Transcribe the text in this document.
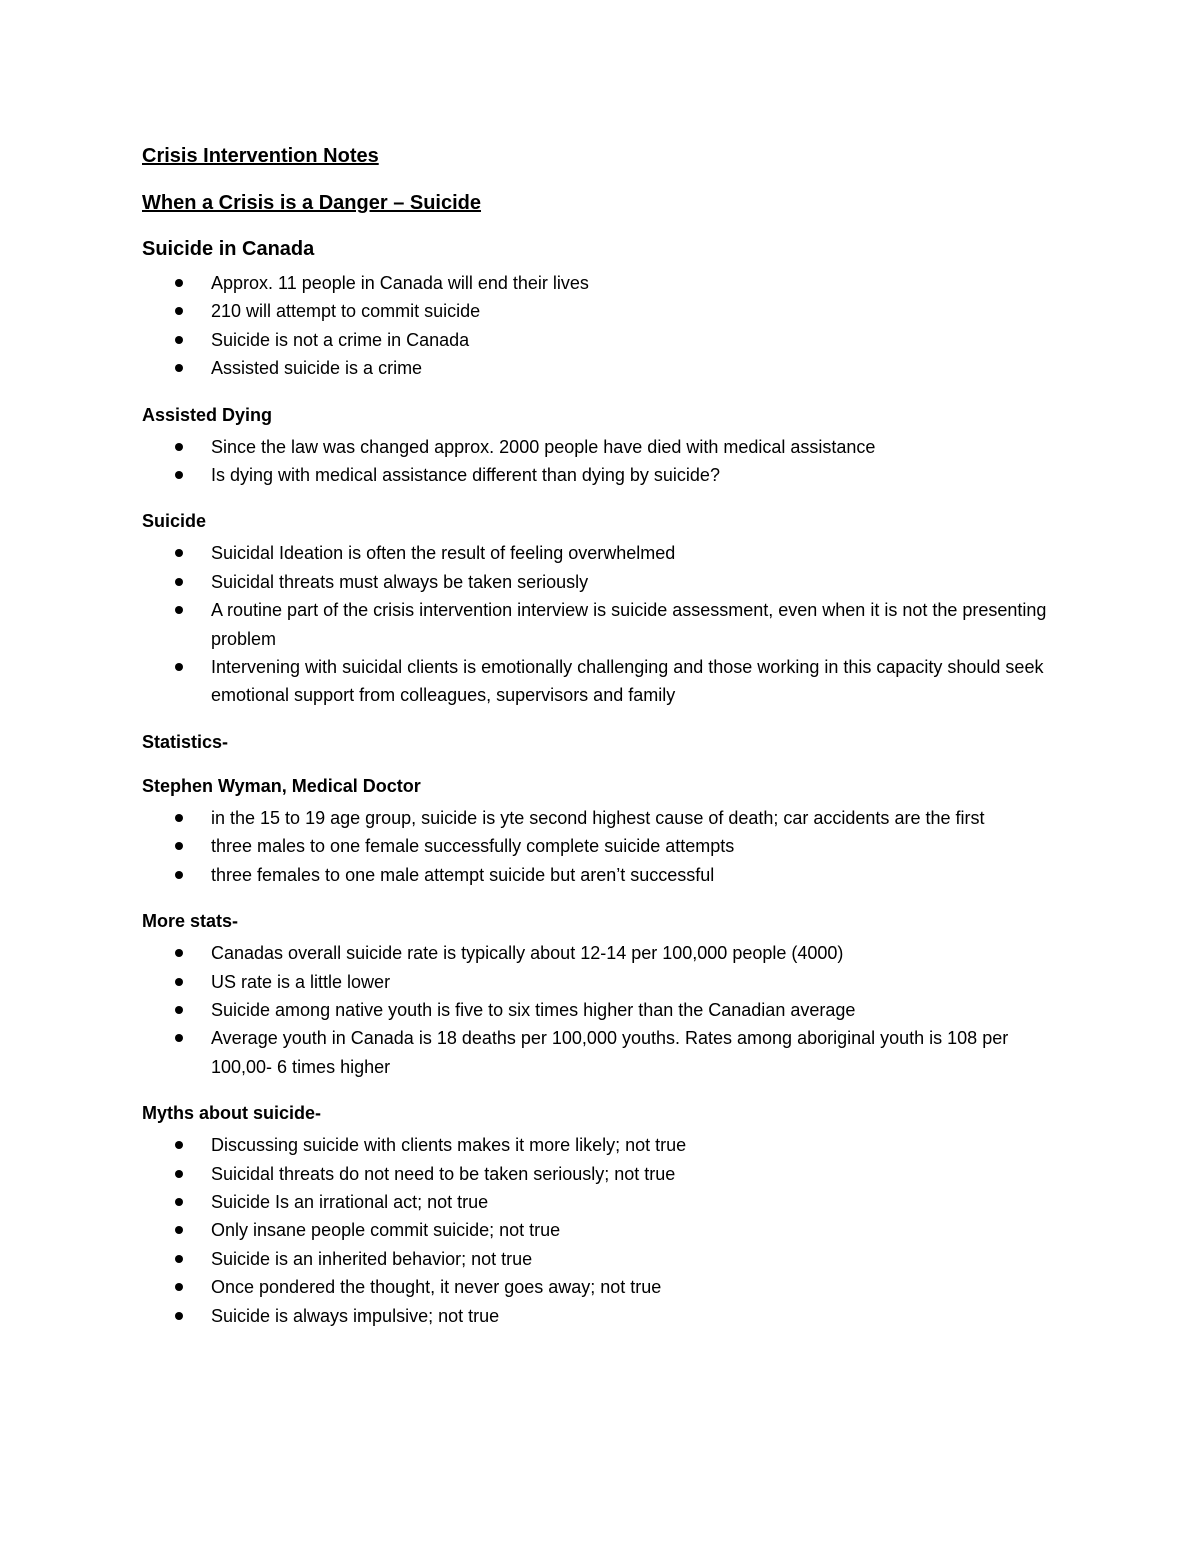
Crisis Intervention Notes
When a Crisis is a Danger – Suicide
Suicide in Canada
Approx. 11 people in Canada will end their lives
210 will attempt to commit suicide
Suicide is not a crime in Canada
Assisted suicide is a crime
Assisted Dying
Since the law was changed approx. 2000 people have died with medical assistance
Is dying with medical assistance different than dying by suicide?
Suicide
Suicidal Ideation is often the result of feeling overwhelmed
Suicidal threats must always be taken seriously
A routine part of the crisis intervention interview is suicide assessment, even when it is not the presenting problem
Intervening with suicidal clients is emotionally challenging and those working in this capacity should seek emotional support from colleagues, supervisors and family
Statistics-
Stephen Wyman, Medical Doctor
in the 15 to 19 age group, suicide is yte second highest cause of death; car accidents are the first
three males to one female successfully complete suicide attempts
three females to one male attempt suicide but aren’t successful
More stats-
Canadas overall suicide rate is typically about 12-14 per 100,000 people (4000)
US rate is a little lower
Suicide among native youth is five to six times higher than the Canadian average
Average youth in Canada is 18 deaths per 100,000 youths. Rates among aboriginal youth is 108 per 100,00- 6 times higher
Myths about suicide-
Discussing suicide with clients makes it more likely; not true
Suicidal threats do not need to be taken seriously; not true
Suicide Is an irrational act; not true
Only insane people commit suicide; not true
Suicide is an inherited behavior; not true
Once pondered the thought, it never goes away; not true
Suicide is always impulsive; not true
